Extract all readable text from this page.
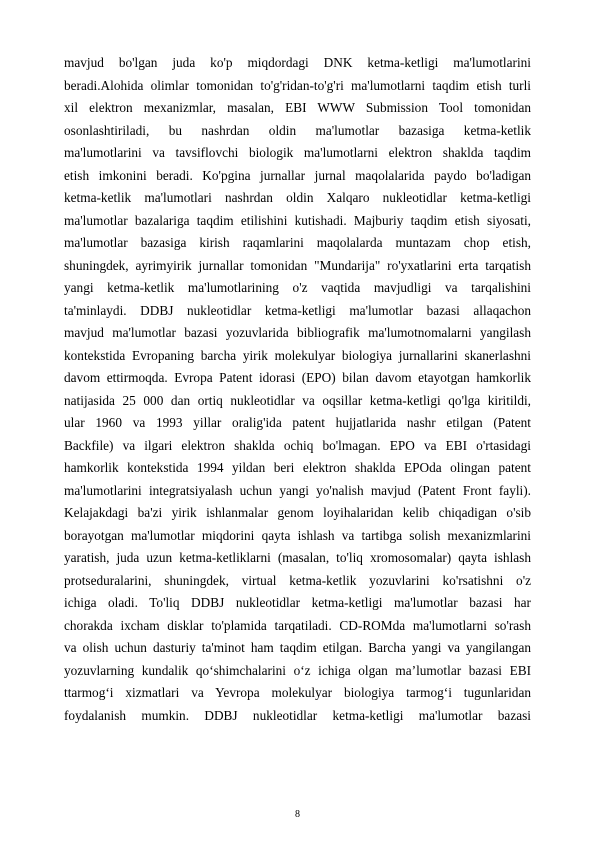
mavjud bo'lgan juda ko'p miqdordagi DNK ketma-ketligi ma'lumotlarini
beradi.Alohida olimlar tomonidan to'g'ridan-to'g'ri ma'lumotlarni taqdim etish turli
xil elektron mexanizmlar, masalan, EBI WWW Submission Tool tomonidan
osonlashtiriladi, bu nashrdan oldin ma'lumotlar bazasiga ketma-ketlik
ma'lumotlarini va tavsiflovchi biologik ma'lumotlarni elektron shaklda taqdim
etish imkonini beradi. Ko'pgina jurnallar jurnal maqolalarida paydo bo'ladigan
ketma-ketlik ma'lumotlari nashrdan oldin Xalqaro nukleotidlar ketma-ketligi
ma'lumotlar bazalariga taqdim etilishini kutishadi. Majburiy taqdim etish siyosati,
ma'lumotlar bazasiga kirish raqamlarini maqolalarda muntazam chop etish,
shuningdek, ayrimyirik jurnallar tomonidan "Mundarija" ro'yxatlarini erta tarqatish
yangi ketma-ketlik ma'lumotlarining o'z vaqtida mavjudligi va tarqalishini
ta'minlaydi. DDBJ nukleotidlar ketma-ketligi ma'lumotlar bazasi allaqachon
mavjud ma'lumotlar bazasi yozuvlarida bibliografik ma'lumotnomalarni yangilash
kontekstida Evropaning barcha yirik molekulyar biologiya jurnallarini skanerlashni
davom ettirmoqda. Evropa Patent idorasi (EPO) bilan davom etayotgan hamkorlik
natijasida 25 000 dan ortiq nukleotidlar va oqsillar ketma-ketligi qo'lga kiritildi,
ular 1960 va 1993 yillar oralig'ida patent hujjatlarida nashr etilgan (Patent
Backfile) va ilgari elektron shaklda ochiq bo'lmagan. EPO va EBI o'rtasidagi
hamkorlik kontekstida 1994 yildan beri elektron shaklda EPOda olingan patent
ma'lumotlarini integratsiyalash uchun yangi yo'nalish mavjud (Patent Front fayli).
Kelajakdagi ba'zi yirik ishlanmalar genom loyihalaridan kelib chiqadigan o'sib
borayotgan ma'lumotlar miqdorini qayta ishlash va tartibga solish mexanizmlarini
yaratish, juda uzun ketma-ketliklarni (masalan, to'liq xromosomalar) qayta ishlash
protseduralarini, shuningdek, virtual ketma-ketlik yozuvlarini ko'rsatishni o'z
ichiga oladi. To'liq DDBJ nukleotidlar ketma-ketligi ma'lumotlar bazasi har
chorakda ixcham disklar to'plamida tarqatiladi. CD-ROMda ma'lumotlarni so'rash
va olish uchun dasturiy ta'minot ham taqdim etilgan. Barcha yangi va yangilangan
yozuvlarning kundalik qo‘shimchalarini o‘z ichiga olgan ma’lumotlar bazasi EBI
ttarmog‘i xizmatlari va Yevropa molekulyar biologiya tarmog‘i tugunlaridan
foydalanish mumkin. DDBJ nukleotidlar ketma-ketligi ma'lumotlar bazasi
8
